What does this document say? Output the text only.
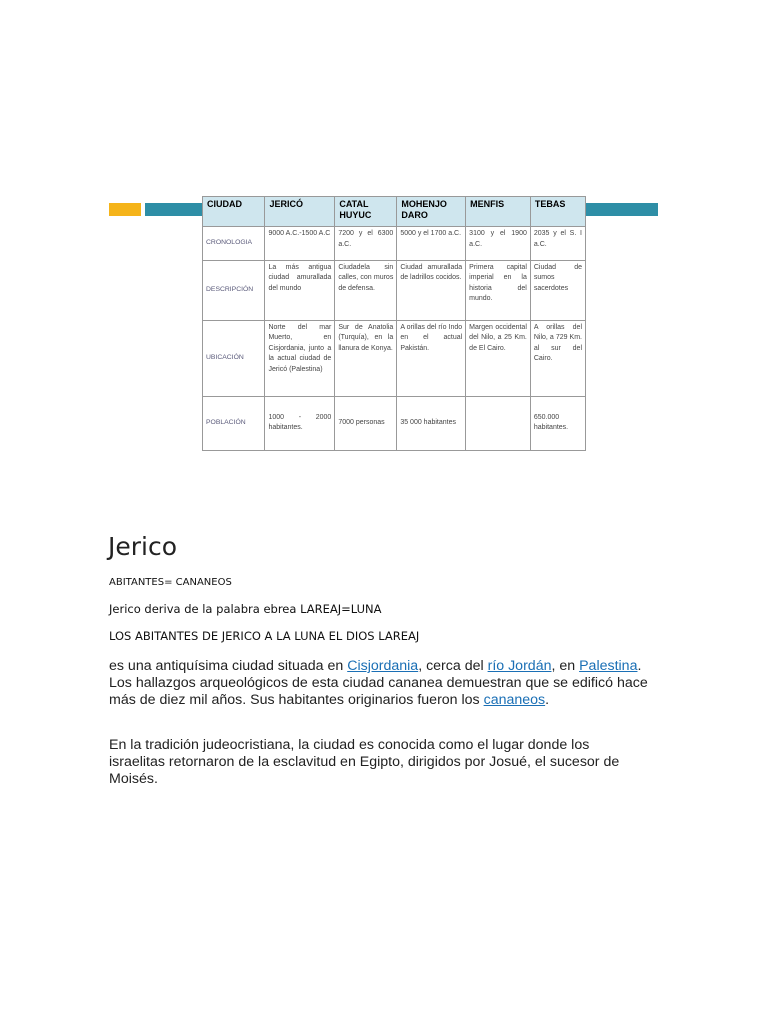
CIUDAD	JERICÓ	CATAL HUYUC	MOHENJO DARO	MENFIS	TEBAS
CRONOLOGIA	9000 A.C.-1500 A.C	7200 y el 6300 a.C.	5000 y el 1700 a.C.	3100 y el 1900 a.C.	2035 y el S. I a.C.
DESCRIPCIÓN	La más antigua ciudad amurallada del mundo	Ciudadela sin calles, con muros de defensa.	Ciudad amurallada de ladrillos cocidos.	Primera capital imperial en la historia del mundo.	Ciudad de sumos sacerdotes
UBICACIÓN	Norte del mar Muerto, en Cisjordania, junto a la actual ciudad de Jericó (Palestina)	Sur de Anatolia (Turquía), en la llanura de Konya.	A orillas del río Indo en el actual Pakistán.	Margen occidental del Nilo, a 25 Km. de El Cairo.	A orillas del Nilo, a 729 Km. al sur del Cairo.
POBLACIÓN	1000 - 2000 habitantes.	7000 personas	35 000 habitantes		650.000 habitantes.
Jerico
ABITANTES= CANANEOS
Jerico deriva de la palabra ebrea LAREAJ=LUNA
LOS ABITANTES DE JERICO A LA LUNA EL DIOS LAREAJ

es una antiquísima ciudad situada en Cisjordania, cerca del río Jordán, en Palestina. Los hallazgos arqueológicos de esta ciudad cananea demuestran que se edificó hace más de diez mil años. Sus habitantes originarios fueron los cananeos.

En la tradición judeocristiana, la ciudad es conocida como el lugar donde los israelitas retornaron de la esclavitud en Egipto, dirigidos por Josué, el sucesor de Moisés.
